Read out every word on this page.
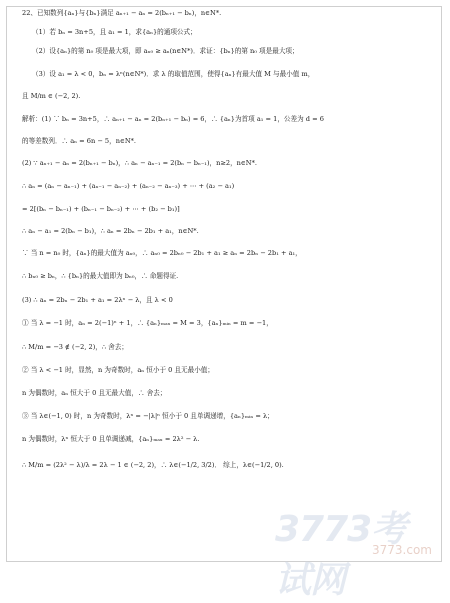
22、已知数列{aₙ}与{bₙ}满足 aₙ₊₁ − aₙ = 2(bₙ₊₁ − bₙ)，n∈N*.
（1）若 bₙ = 3n+5，且 a₁ = 1，求{aₙ}的通项公式；
（2）设{aₙ}的第 n₀ 项是最大项，即 aₙ₀ ≥ aₙ(n∈N*)．求证：{bₙ}的第 n₀ 项是最大项；
（3）设 a₁ = λ < 0，bₙ = λⁿ(n∈N*)．求 λ 的取值范围，使得{aₙ}有最大值 M 与最小值 m，
且 M/m ∈ (−2, 2).
解析：(1) ∵ bₙ = 3n+5，∴ aₙ₊₁ − aₙ = 2(bₙ₊₁ − bₙ) = 6，∴ {aₙ}为首项 a₁ = 1，公差为 d = 6
的等差数列．∴ aₙ = 6n − 5，n∈N*.
(2) ∵ aₙ₊₁ − aₙ = 2(bₙ₊₁ − bₙ)，∴ aₙ − aₙ₋₁ = 2(bₙ − bₙ₋₁)，n≥2，n∈N*.
∴ aₙ = (aₙ − aₙ₋₁) + (aₙ₋₁ − aₙ₋₂) + (aₙ₋₂ − aₙ₋₃) + ⋯ + (a₂ − a₁)
= 2[(bₙ − bₙ₋₁) + (bₙ₋₁ − bₙ₋₂) + ⋯ + (b₂ − b₁)]
∴ aₙ − a₁ = 2(bₙ − b₁)，∴ aₙ = 2bₙ − 2b₁ + a₁，n∈N*.
∵ 当 n = n₀ 时，{aₙ}的最大值为 aₙ₀，∴ aₙ₀ = 2bₙ₀ − 2b₁ + a₁ ≥ aₙ = 2bₙ − 2b₁ + a₁，
∴ bₙ₀ ≥ bₙ，∴ {bₙ}的最大值即为 bₙ₀，∴ 命题得证.
(3) ∴ aₙ = 2bₙ − 2b₁ + a₁ = 2λⁿ − λ，且 λ < 0
① 当 λ = −1 时，aₙ = 2(−1)ⁿ + 1，∴ {aₙ}ₘₐₓ = M = 3，{aₙ}ₘᵢₙ = m = −1，
∴ M/m = −3 ∉ (−2, 2)，∴ 舍去；
② 当 λ < −1 时，显然，n 为奇数时，aₙ 恒小于 0 且无最小值；
n 为偶数时，aₙ 恒大于 0 且无最大值，∴ 舍去；
③ 当 λ∈(−1, 0) 时，n 为奇数时，λⁿ = −|λ|ⁿ 恒小于 0 且单调递增，{aₙ}ₘᵢₙ = λ；
n 为偶数时，λⁿ 恒大于 0 且单调递减，{aₙ}ₘₐₓ = 2λ² − λ.
∴ M/m = (2λ² − λ)/λ = 2λ − 1 ∈ (−2, 2)，∴ λ∈(−1/2, 3/2)． 综上，λ∈(−1/2, 0).
3773考试网
3773.com
